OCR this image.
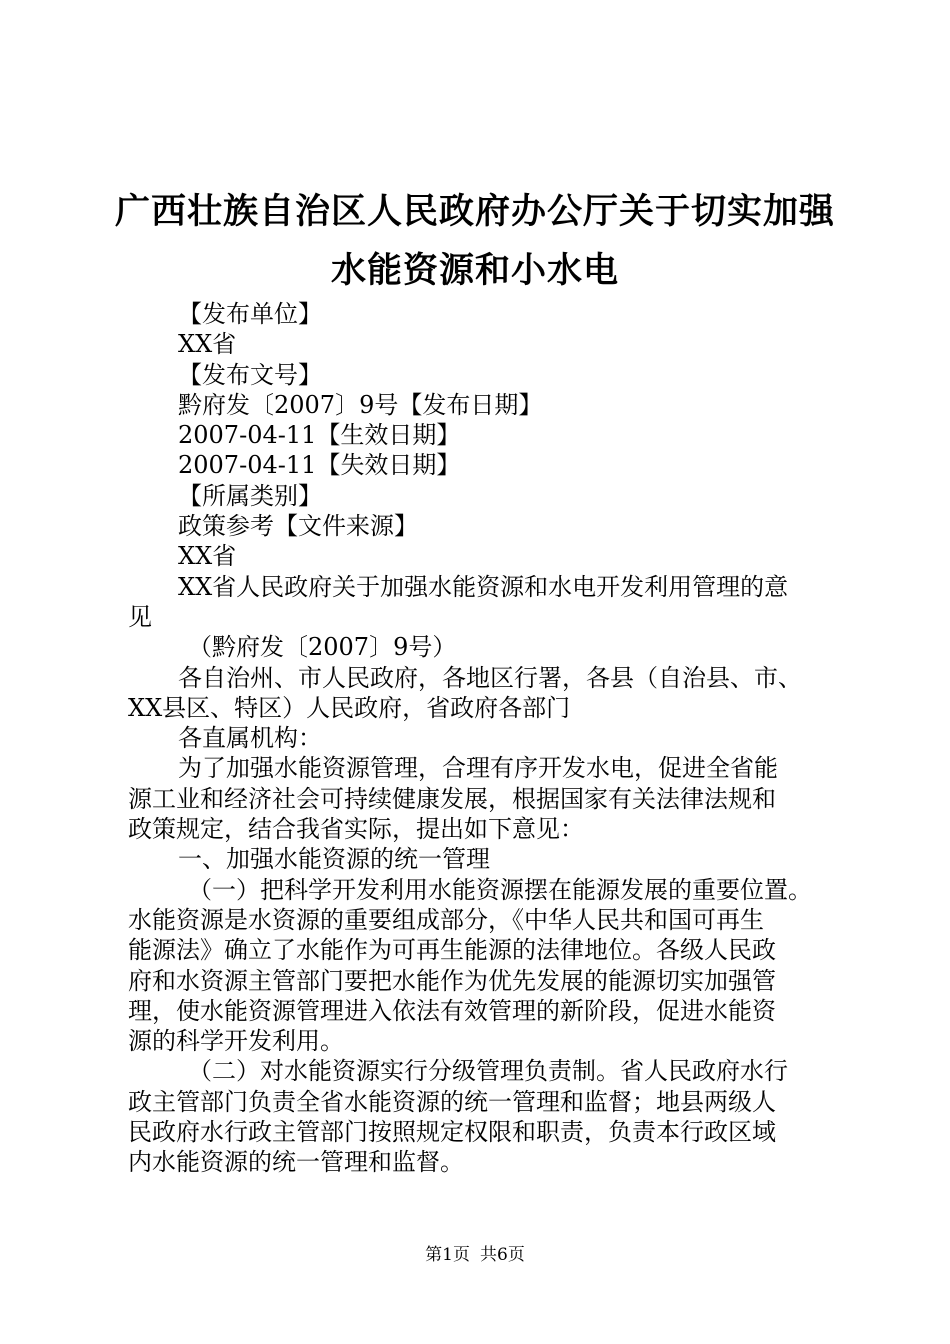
广西壮族自治区人民政府办公厅关于切实加强
水能资源和小水电

【发布单位】

XX省

【发布文号】

黔府发〔2007〕9号【发布日期】

2007-04-11【生效日期】

2007-04-11【失效日期】

【所属类别】

政策参考【文件来源】

XX省

XX省人民政府关于加强水能资源和水电开发利用管理的意

见

（黔府发〔2007〕9号）

各自治州、市人民政府，各地区行署，各县（自治县、市、

XX县区、特区）人民政府，省政府各部门

各直属机构：

为了加强水能资源管理，合理有序开发水电，促进全省能

源工业和经济社会可持续健康发展，根据国家有关法律法规和

政策规定，结合我省实际，提出如下意见：

一、加强水能资源的统一管理

（一）把科学开发利用水能资源摆在能源发展的重要位置。

水能资源是水资源的重要组成部分，《中华人民共和国可再生

能源法》确立了水能作为可再生能源的法律地位。各级人民政

府和水资源主管部门要把水能作为优先发展的能源切实加强管

理，使水能资源管理进入依法有效管理的新阶段，促进水能资

源的科学开发利用。

（二）对水能资源实行分级管理负责制。省人民政府水行

政主管部门负责全省水能资源的统一管理和监督；地县两级人

民政府水行政主管部门按照规定权限和职责，负责本行政区域

内水能资源的统一管理和监督。

第1页 共6页
